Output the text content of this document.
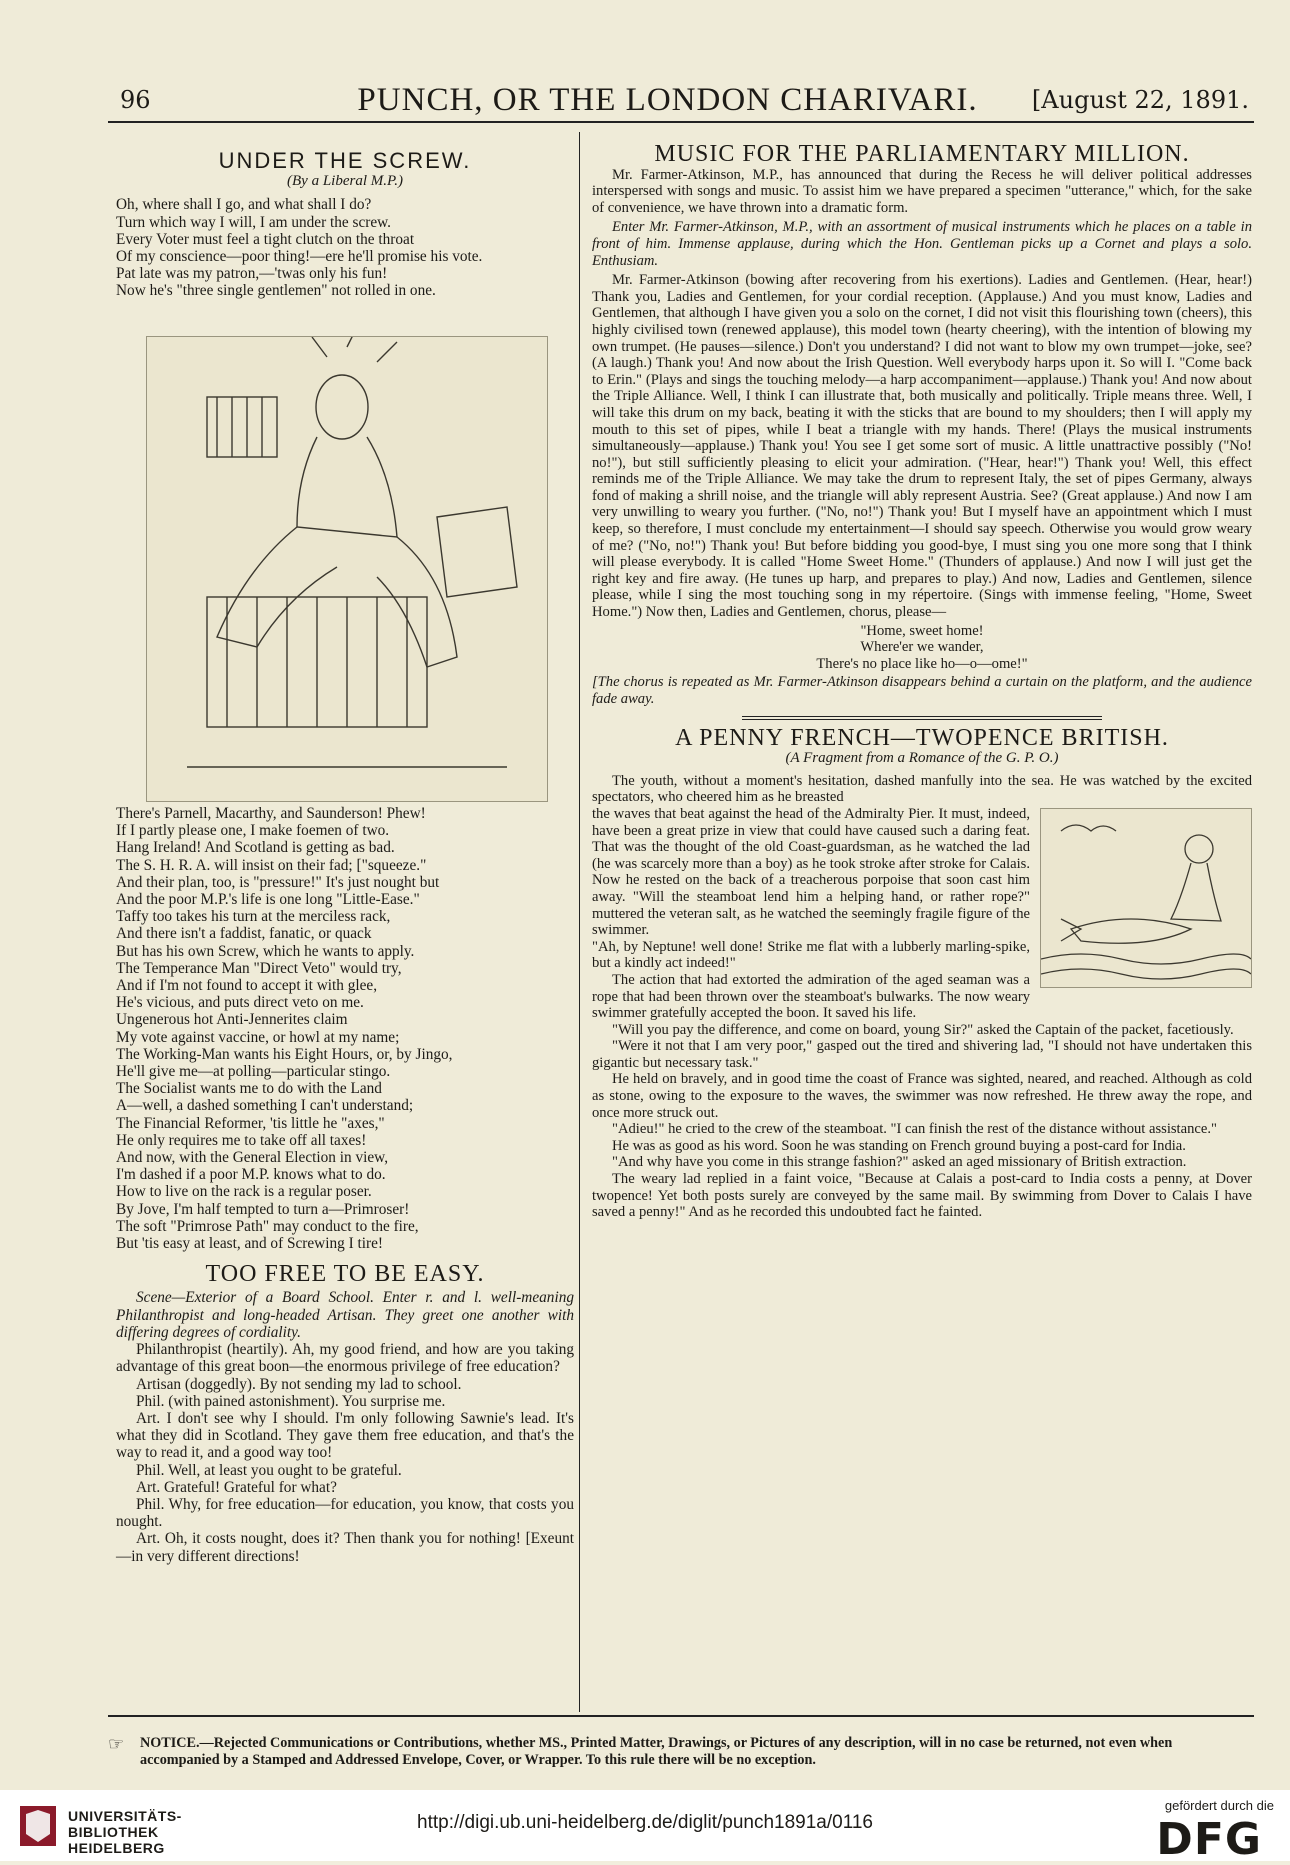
96	PUNCH, OR THE LONDON CHARIVARI.	[August 22, 1891.
UNDER THE SCREW.
(By a Liberal M.P.)

Oh, where shall I go, and what shall I do?

Turn which way I will, I am under the screw.

Every Voter must feel a tight clutch on the throat

Of my conscience—poor thing!—ere he'll promise his vote.

Pat late was my patron,—'twas only his fun!

Now he's "three single gentlemen" not rolled in one.

There's Parnell, Macarthy, and Saunderson! Phew!

If I partly please one, I make foemen of two.

Hang Ireland! And Scotland is getting as bad.

The S. H. R. A. will insist on their fad; ["squeeze."

And their plan, too, is "pressure!" It's just nought but

And the poor M.P.'s life is one long "Little-Ease."

Taffy too takes his turn at the merciless rack,

And there isn't a faddist, fanatic, or quack

But has his own Screw, which he wants to apply.

The Temperance Man "Direct Veto" would try,

And if I'm not found to accept it with glee,

He's vicious, and puts direct veto on me.

Ungenerous hot Anti-Jennerites claim

My vote against vaccine, or howl at my name;

The Working-Man wants his Eight Hours, or, by Jingo,

He'll give me—at polling—particular stingo.

The Socialist wants me to do with the Land

A—well, a dashed something I can't understand;

The Financial Reformer, 'tis little he "axes,"

He only requires me to take off all taxes!

And now, with the General Election in view,

I'm dashed if a poor M.P. knows what to do.

How to live on the rack is a regular poser.

By Jove, I'm half tempted to turn a—Primroser!

The soft "Primrose Path" may conduct to the fire,

But 'tis easy at least, and of Screwing I tire!

TOO FREE TO BE EASY.

Scene—Exterior of a Board School. Enter r. and l. well-meaning Philanthropist and long-headed Artisan. They greet one another with differing degrees of cordiality.

Philanthropist (heartily). Ah, my good friend, and how are you taking advantage of this great boon—the enormous privilege of free education?

Artisan (doggedly). By not sending my lad to school.

Phil. (with pained astonishment). You surprise me.

Art. I don't see why I should. I'm only following Sawnie's lead. It's what they did in Scotland. They gave them free education, and that's the way to read it, and a good way too!

Phil. Well, at least you ought to be grateful.

Art. Grateful! Grateful for what?

Phil. Why, for free education—for education, you know, that costs you nought.

Art. Oh, it costs nought, does it? Then thank you for nothing! [Exeunt—in very different directions!

MUSIC FOR THE PARLIAMENTARY MILLION.

Mr. Farmer-Atkinson, M.P., has announced that during the Recess he will deliver political addresses interspersed with songs and music. To assist him we have prepared a specimen "utterance," which, for the sake of convenience, we have thrown into a dramatic form.

Enter Mr. Farmer-Atkinson, M.P., with an assortment of musical instruments which he places on a table in front of him. Immense applause, during which the Hon. Gentleman picks up a Cornet and plays a solo. Enthusiam.

Mr. Farmer-Atkinson (bowing after recovering from his exertions). Ladies and Gentlemen. (Hear, hear!) Thank you, Ladies and Gentlemen, for your cordial reception. (Applause.) And you must know, Ladies and Gentlemen, that although I have given you a solo on the cornet, I did not visit this flourishing town (cheers), this highly civilised town (renewed applause), this model town (hearty cheering), with the intention of blowing my own trumpet. (He pauses—silence.) Don't you understand? I did not want to blow my own trumpet—joke, see? (A laugh.) Thank you! And now about the Irish Question. Well everybody harps upon it. So will I. "Come back to Erin." (Plays and sings the touching melody—a harp accompaniment—applause.) Thank you! And now about the Triple Alliance. Well, I think I can illustrate that, both musically and politically. Triple means three. Well, I will take this drum on my back, beating it with the sticks that are bound to my shoulders; then I will apply my mouth to this set of pipes, while I beat a triangle with my hands. There! (Plays the musical instruments simultaneously—applause.) Thank you! You see I get some sort of music. A little unattractive possibly ("No! no!"), but still sufficiently pleasing to elicit your admiration. ("Hear, hear!") Thank you! Well, this effect reminds me of the Triple Alliance. We may take the drum to represent Italy, the set of pipes Germany, always fond of making a shrill noise, and the triangle will ably represent Austria. See? (Great applause.) And now I am very unwilling to weary you further. ("No, no!") Thank you! But I myself have an appointment which I must keep, so therefore, I must conclude my entertainment—I should say speech. Otherwise you would grow weary of me? ("No, no!") Thank you! But before bidding you good-bye, I must sing you one more song that I think will please everybody. It is called "Home Sweet Home." (Thunders of applause.) And now I will just get the right key and fire away. (He tunes up harp, and prepares to play.) And now, Ladies and Gentlemen, silence please, while I sing the most touching song in my répertoire. (Sings with immense feeling, "Home, Sweet Home.") Now then, Ladies and Gentlemen, chorus, please—

"Home, sweet home!

Where'er we wander,

There's no place like ho—o—ome!"

[The chorus is repeated as Mr. Farmer-Atkinson disappears behind a curtain on the platform, and the audience fade away.

A PENNY FRENCH—TWOPENCE BRITISH.
(A Fragment from a Romance of the G. P. O.)

The youth, without a moment's hesitation, dashed manfully into the sea. He was watched by the excited spectators, who cheered him as he breasted

the waves that beat against the head of the Admiralty Pier. It must, indeed, have been a great prize in view that could have caused such a daring feat. That was the thought of the old Coast-guardsman, as he watched the lad (he was scarcely more than a boy) as he took stroke after stroke for Calais. Now he rested on the back of a treacherous porpoise that soon cast him away. "Will the steamboat lend him a helping hand, or rather rope?" muttered the veteran salt, as he watched the seemingly fragile figure of the swimmer.

"Ah, by Neptune! well done! Strike me flat with a lubberly marling-spike, but a kindly act indeed!"

The action that had extorted the admiration of the aged seaman was a rope that had been thrown over the steamboat's bulwarks. The now weary swimmer gratefully accepted the boon. It saved his life.

"Will you pay the difference, and come on board, young Sir?" asked the Captain of the packet, facetiously.

"Were it not that I am very poor," gasped out the tired and shivering lad, "I should not have undertaken this gigantic but necessary task."

He held on bravely, and in good time the coast of France was sighted, neared, and reached. Although as cold as stone, owing to the exposure to the waves, the swimmer was now refreshed. He threw away the rope, and once more struck out.

"Adieu!" he cried to the crew of the steamboat. "I can finish the rest of the distance without assistance."

He was as good as his word. Soon he was standing on French ground buying a post-card for India.

"And why have you come in this strange fashion?" asked an aged missionary of British extraction.

The weary lad replied in a faint voice, "Because at Calais a post-card to India costs a penny, at Dover twopence! Yet both posts surely are conveyed by the same mail. By swimming from Dover to Calais I have saved a penny!" And as he recorded this undoubted fact he fainted.

☞ NOTICE.—Rejected Communications or Contributions, whether MS., Printed Matter, Drawings, or Pictures of any description, will in no case be returned, not even when accompanied by a Stamped and Addressed Envelope, Cover, or Wrapper. To this rule there will be no exception.
UNIVERSITÄTS-
BIBLIOTHEK
HEIDELBERG
http://digi.ub.uni-heidelberg.de/diglit/punch1891a/0116
gefördert durch die
DFG
